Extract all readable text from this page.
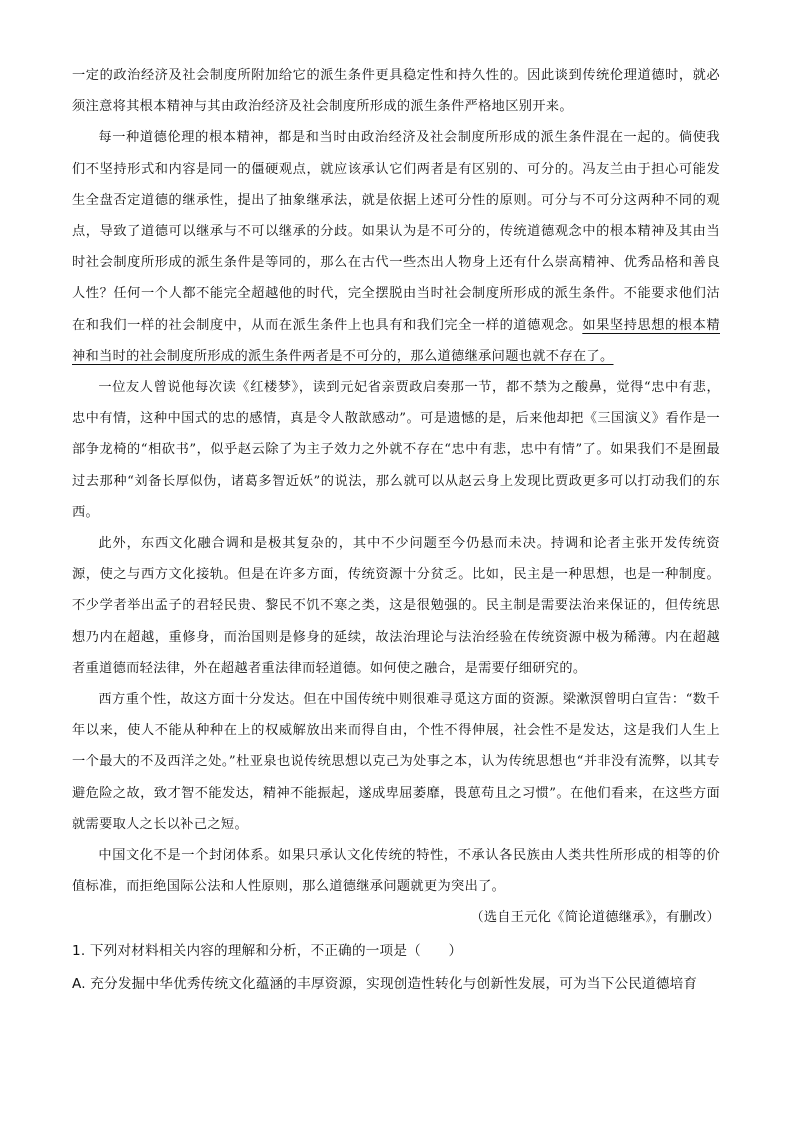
一定的政治经济及社会制度所附加给它的派生条件更具稳定性和持久性的。因此谈到传统伦理道德时，就必须注意将其根本精神与其由政治经济及社会制度所形成的派生条件严格地区别开来。

每一种道德伦理的根本精神，都是和当时由政治经济及社会制度所形成的派生条件混在一起的。倘使我们不坚持形式和内容是同一的僵硬观点，就应该承认它们两者是有区别的、可分的。冯友兰由于担心可能发生全盘否定道德的继承性，提出了抽象继承法，就是依据上述可分性的原则。可分与不可分这两种不同的观点，导致了道德可以继承与不可以继承的分歧。如果认为是不可分的，传统道德观念中的根本精神及其由当时社会制度所形成的派生条件是等同的，那么在古代一些杰出人物身上还有什么崇高精神、优秀品格和善良人性？任何一个人都不能完全超越他的时代，完全摆脱由当时社会制度所形成的派生条件。不能要求他们沽在和我们一样的社会制度中，从而在派生条件上也具有和我们完全一样的道德观念。如果坚持思想的根本精神和当时的社会制度所形成的派生条件两者是不可分的，那么道德继承问题也就不存在了。

一位友人曾说他每次读《红楼梦》，读到元妃省亲贾政启奏那一节，都不禁为之酸鼻，觉得“忠中有悲，忠中有情，这种中国式的忠的感情，真是令人散歆感动”。可是遗憾的是，后来他却把《三国演义》看作是一部争龙椅的“相砍书”，似乎赵云除了为主子效力之外就不存在“忠中有悲，忠中有情”了。如果我们不是囿最过去那种“刘备长厚似伪，诸葛多智近妖”的说法，那么就可以从赵云身上发现比贾政更多可以打动我们的东西。

此外，东西文化融合调和是极其复杂的，其中不少问题至今仍悬而未决。持调和论者主张开发传统资源，使之与西方文化接轨。但是在许多方面，传统资源十分贫乏。比如，民主是一种思想，也是一种制度。不少学者举出孟子的君轻民贵、黎民不饥不寒之类，这是很勉强的。民主制是需要法治来保证的，但传统思想乃内在超越，重修身，而治国则是修身的延续，故法治理论与法治经验在传统资源中极为稀薄。内在超越者重道德而轻法律，外在超越者重法律而轻道德。如何使之融合，是需要仔细研究的。

西方重个性，故这方面十分发达。但在中国传统中则很难寻觅这方面的资源。梁漱溟曾明白宣告：“数千年以来，使人不能从种种在上的权威解放出来而得自由，个性不得伸展，社会性不是发达，这是我们人生上一个最大的不及西洋之处。”杜亚泉也说传统思想以克己为处事之本，认为传统思想也“并非没有流弊，以其专避危险之故，致才智不能发达，精神不能振起，遂成卑屈萎靡，畏葸苟且之习惯”。在他们看来，在这些方面就需要取人之长以补己之短。

中国文化不是一个封闭体系。如果只承认文化传统的特性，不承认各民族由人类共性所形成的相等的价值标准，而拒绝国际公法和人性原则，那么道德继承问题就更为突出了。

（选自王元化《简论道德继承》，有删改）

1. 下列对材料相关内容的理解和分析，不正确的一项是（　　）

A. 充分发掘中华优秀传统文化蕴涵的丰厚资源，实现创造性转化与创新性发展，可为当下公民道德培育
